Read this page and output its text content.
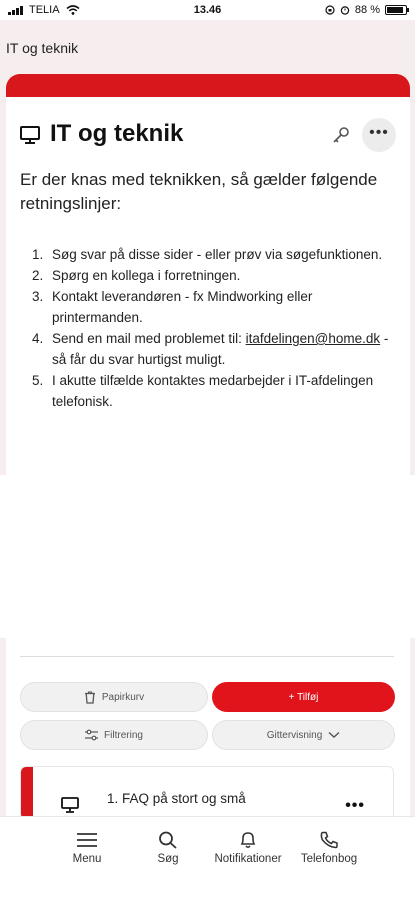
TELIA	13.46	88 %
IT og teknik
IT og teknik	•••
Er der knas med teknikken, så gælder følgende retningslinjer:
1. Søg svar på disse sider - eller prøv via søgefunktionen.
2. Spørg en kollega i forretningen.
3. Kontakt leverandøren - fx Mindworking eller printermanden.
4. Send en mail med problemet til: itafdelingen@home.dk - så får du svar hurtigst muligt.
5. I akutte tilfælde kontaktes medarbejder i IT-afdelingen telefonisk.
Papirkurv	+ Tilføj
Filtrering	Gittervisning
1. FAQ på stort og små	•••
Menu	Søg	Notifikationer	Telefonbog
